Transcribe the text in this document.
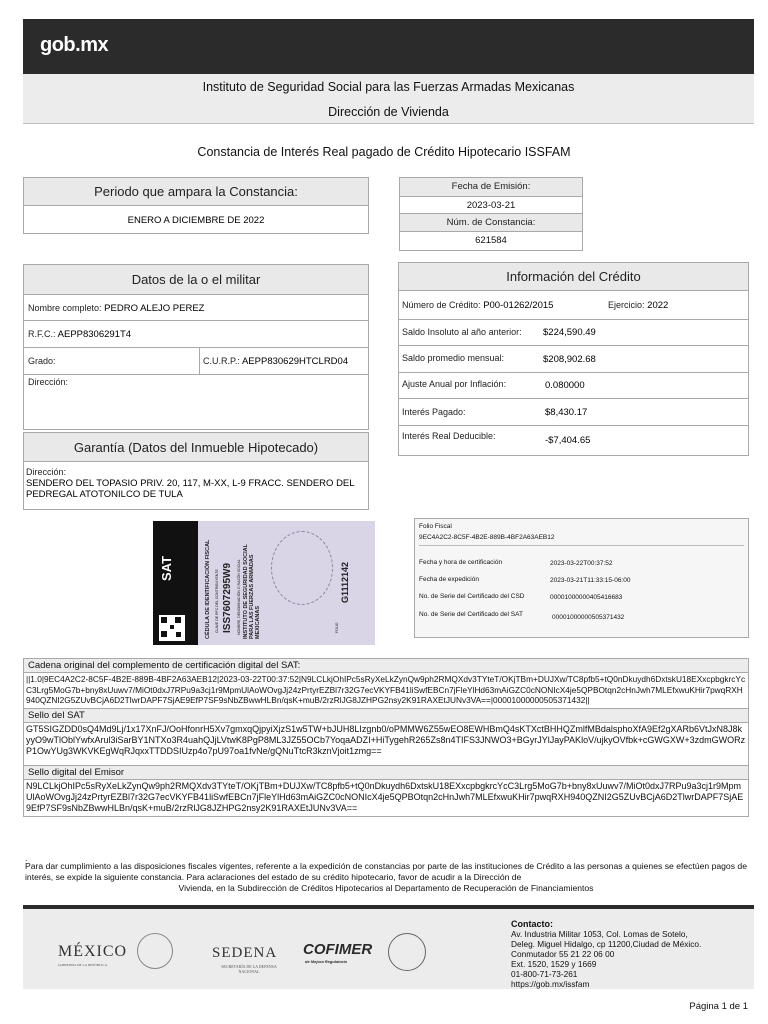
gob.mx
Instituto de Seguridad Social para las Fuerzas Armadas Mexicanas
Dirección de Vivienda
Constancia de Interés Real pagado de Crédito Hipotecario ISSFAM
Periodo que ampara la Constancia:
ENERO A DICIEMBRE DE 2022
Fecha de Emisión:
2023-03-21
Núm. de Constancia:
621584
Datos de la o el militar
Nombre completo: PEDRO ALEJO PEREZ
R.F.C.: AEPP8306291T4
Grado:	C.U.R.P.: AEPP830629HTCLRD04
Dirección:
Garantía (Datos del Inmueble Hipotecado)
Dirección:
SENDERO DEL TOPASIO PRIV. 20, 117, M-XX, L-9 FRACC. SENDERO DEL PEDREGAL ATOTONILCO DE TULA
Información del Crédito
Número de Crédito: P00-01262/2015	Ejercicio: 2022
Saldo Insoluto al año anterior: $224,590.49
Saldo promedio mensual:	$208,902.68
Ajuste Anual por Inflación:	0.080000
Interés Pagado:	$8,430.17
Interés Real Deducible:	-$7,404.65
SAT	CÉDULA DE IDENTIFICACIÓN FISCAL CLAVE DE RFC DEL CONTRIBUYENTE ISS7607295W9 NOMBRE, DENOMINACIÓN O RAZÓN SOCIAL INSTITUTO DE SEGURIDAD SOCIAL PARA LAS FUERZAS ARMADAS MEXICANAS	FOLIO
G1112142
Folio Fiscal
9EC4A2C2-8C5F-4B2E-889B-4BF2A63AEB12
Fecha y hora de certificación	2023-03-22T00:37:52
Fecha de expedición	2023-03-21T11:33:15-06:00
No. de Serie del Certificado del CSD	00001000000405416683
No. de Serie del Certificado del SAT	00001000000505371432
Cadena original del complemento de certificación digital del SAT:
||1.0|9EC4A2C2-8C5F-4B2E-889B-4BF2A63AEB12|2023-03-22T00:37:52|N9LCLkjOhIPc5sRyXeLkZynQw9ph2RMQXdv3TYteT/OKjTBm+DUJXw/TC8pfb5+tQ0nDkuydh6DxtskU18EXxcpbgkrcYcC3Lrg5MoG7b+bny8xUuwv7/MiOt0dxJ7RPu9a3cj1r9MpmUlAoWOvgJj24zPrtyrEZBl7r32G7ecVKYFB41liSwfEBCn7jFleYlHd63mAiGZC0cNONIcX4je5QPBOtqn2cHnJwh7MLEfxwuKHir7pwqRXH940QZNI2G5ZUvBCjA6D2TlwrDAPF7SjAE9EfP7SF9sNbZBwwHLBn/qsK+muB/2rzRlJG8JZHPG2nsy2K91RAXEtJUNv3VA==|00001000000505371432||
Sello del SAT
GT5SIGZDD0sQ4Md9Lj/1x17XnFJ/OoHfonrH5Xv7gmxqQjpyiXjzS1w5TW+bJUH8LIzgnb0/oPMMW6Z55wEO8EWHBmQ4sKTXctBHHQZmlfMBdalsphoXfA9Ef2gXARb6VtJxN8J8kyyO9wTlOblYwfxArul3iSarBY1NTXo3R4uahQJjLVtwK8PgP8ML3JZ55OCb7YoqaADZI+HiTygehR265Zs8n4TIFS3JNWO3+BGyrJYlJayPAKloV/ujkyOVfbk+cGWGXW+3zdmGWORzP1OwYUg3WKVKEgWqRJqxxTTDDSIUzp4o7pU97oa1fvNe/gQNuTtcR3kznVjoit1zmg==
Sello digital del Emisor
N9LCLkjOhIPc5sRyXeLkZynQw9ph2RMQXdv3TYteT/OKjTBm+DUJXw/TC8pfb5+tQ0nDkuydh6DxtskU18EXxcpbgkrcYcC3Lrg5MoG7b+bny8xUuwv7/MiOt0dxJ7RPu9a3cj1r9MpmUlAoWOvgJj24zPrtyrEZBl7r32G7ecVKYFB41liSwfEBCn7jFleYlHd63mAiGZC0cNONIcX4je5QPBOtqn2cHnJwh7MLEfxwuKHir7pwqRXH940QZNI2G5ZUvBCjA6D2TlwrDAPF7SjAE9EfP7SF9sNbZBwwHLBn/qsK+muB/2rzRlJG8JZHPG2nsy2K91RAXEtJUNv3VA==
.
Para dar cumplimiento a las disposiciones fiscales vigentes, referente a la expedición de constancias por parte de las instituciones de Crédito a las personas a quienes se efectúen pagos de interés, se expide la siguiente constancia. Para aclaraciones del estado de su crédito hipotecario, favor de acudir a la Dirección de
Vivienda, en la Subdirección de Créditos Hipotecarios al Departamento de Recuperación de Financiamientos
MÉXICO
GOBIERNO DE LA REPÚBLICA
SEDENA
SECRETARÍA DE LA DEFENSA NACIONAL
COFIMER
de Mejora Regulatoria
Contacto:
Av. Industria Militar 1053, Col. Lomas de Sotelo,
Deleg. Miguel Hidalgo, cp 11200,Ciudad de México.
Conmutador 55 21 22 06 00
Ext. 1520, 1529 y 1669
01-800-71-73-261
https://gob.mx/issfam
Página 1 de 1
